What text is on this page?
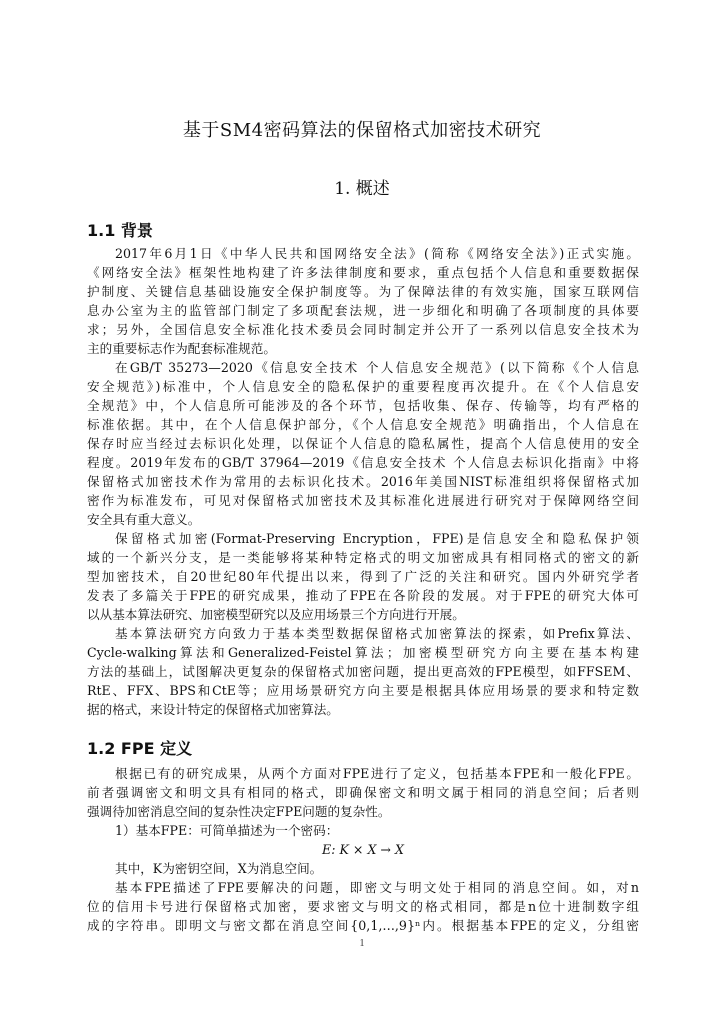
基于SM4密码算法的保留格式加密技术研究
1. 概述
1.1 背景
2017年6月1日《中华人民共和国网络安全法》(简称《网络安全法》)正式实施。
《网络安全法》框架性地构建了许多法律制度和要求，重点包括个人信息和重要数据保
护制度、关键信息基础设施安全保护制度等。为了保障法律的有效实施，国家互联网信
息办公室为主的监管部门制定了多项配套法规，进一步细化和明确了各项制度的具体要
求；另外，全国信息安全标准化技术委员会同时制定并公开了一系列以信息安全技术为
主的重要标志作为配套标准规范。
在GB/T 35273—2020《信息安全技术 个人信息安全规范》(以下简称《个人信息
安全规范》)标准中，个人信息安全的隐私保护的重要程度再次提升。在《个人信息安
全规范》中，个人信息所可能涉及的各个环节，包括收集、保存、传输等，均有严格的
标准依据。其中，在个人信息保护部分，《个人信息安全规范》明确指出，个人信息在
保存时应当经过去标识化处理，以保证个人信息的隐私属性，提高个人信息使用的安全
程度。2019年发布的GB/T 37964—2019《信息安全技术 个人信息去标识化指南》中将
保留格式加密技术作为常用的去标识化技术。2016年美国NIST标准组织将保留格式加
密作为标准发布，可见对保留格式加密技术及其标准化进展进行研究对于保障网络空间
安全具有重大意义。
保留格式加密(Format-Preserving Encryption，FPE)是信息安全和隐私保护领
域的一个新兴分支，是一类能够将某种特定格式的明文加密成具有相同格式的密文的新
型加密技术，自20世纪80年代提出以来，得到了广泛的关注和研究。国内外研究学者
发表了多篇关于FPE的研究成果，推动了FPE在各阶段的发展。对于FPE的研究大体可
以从基本算法研究、加密模型研究以及应用场景三个方向进行开展。
基本算法研究方向致力于基本类型数据保留格式加密算法的探索，如Prefix算法、
Cycle-walking算法和Generalized-Feistel算法；加密模型研究方向主要在基本构建
方法的基础上，试图解决更复杂的保留格式加密问题，提出更高效的FPE模型，如FFSEM、
RtE、FFX、BPS和CtE等；应用场景研究方向主要是根据具体应用场景的要求和特定数
据的格式，来设计特定的保留格式加密算法。
1.2 FPE 定义
根据已有的研究成果，从两个方面对FPE进行了定义，包括基本FPE和一般化FPE。
前者强调密文和明文具有相同的格式，即确保密文和明文属于相同的消息空间；后者则
强调待加密消息空间的复杂性决定FPE问题的复杂性。
1）基本FPE：可简单描述为一个密码：
E: K × X → X
其中，K为密钥空间，X为消息空间。
基本FPE描述了FPE要解决的问题，即密文与明文处于相同的消息空间。如，对n
位的信用卡号进行保留格式加密，要求密文与明文的格式相同，都是n位十进制数字组
成的字符串。即明文与密文都在消息空间{0,1,…,9}ⁿ内。根据基本FPE的定义，分组密
1
